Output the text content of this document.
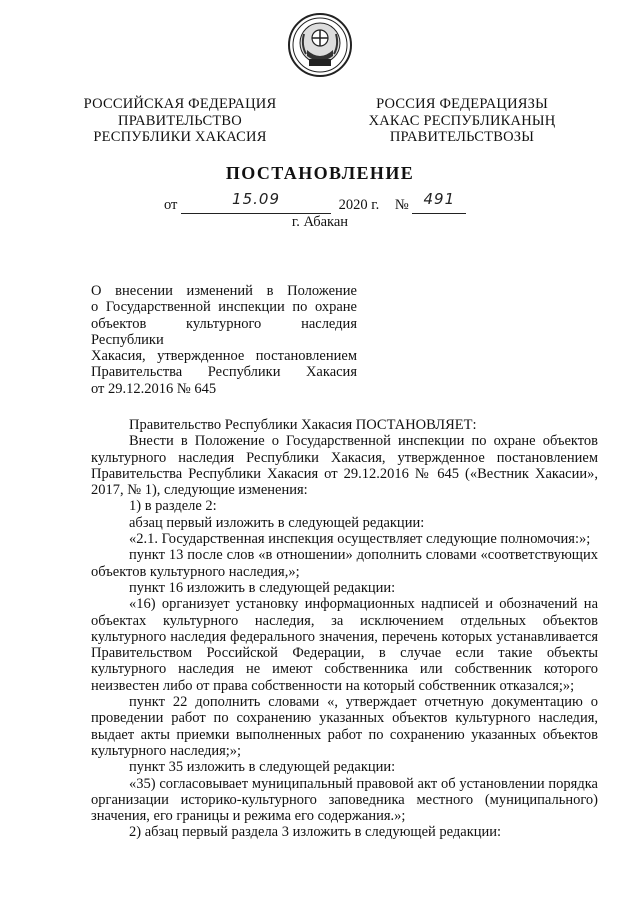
РОССИЙСКАЯ ФЕДЕРАЦИЯ
ПРАВИТЕЛЬСТВО
РЕСПУБЛИКИ ХАКАСИЯ
РОССИЯ ФЕДЕРАЦИЯЗЫ
ХАКАС РЕСПУБЛИКАНЫҢ
ПРАВИТЕЛЬСТВОЗЫ
ПОСТАНОВЛЕНИЕ
от	15.09	2020 г. № 491
г. Абакан
О внесении изменений в Положение
о Государственной инспекции по охране
объектов культурного наследия Республики
Хакасия, утвержденное постановлением
Правительства Республики Хакасия
от 29.12.2016 № 645

Правительство Республики Хакасия ПОСТАНОВЛЯЕТ:

Внести в Положение о Государственной инспекции по охране объектов культурного наследия Республики Хакасия, утвержденное постановлением Правительства Республики Хакасия от 29.12.2016 № 645 («Вестник Хакасии», 2017, № 1), следующие изменения:

1) в разделе 2:

абзац первый изложить в следующей редакции:

«2.1. Государственная инспекция осуществляет следующие полномочия:»;

пункт 13 после слов «в отношении» дополнить словами «соответствующих объектов культурного наследия,»;

пункт 16 изложить в следующей редакции:

«16) организует установку информационных надписей и обозначений на объектах культурного наследия, за исключением отдельных объектов культурного наследия федерального значения, перечень которых устанавливается Правительством Российской Федерации, в случае если такие объекты культурного наследия не имеют собственника или собственник которого неизвестен либо от права собственности на который собственник отказался;»;

пункт 22 дополнить словами «, утверждает отчетную документацию о проведении работ по сохранению указанных объектов культурного наследия, выдает акты приемки выполненных работ по сохранению указанных объектов культурного наследия;»;

пункт 35 изложить в следующей редакции:

«35) согласовывает муниципальный правовой акт об установлении порядка организации историко-культурного заповедника местного (муниципального) значения, его границы и режима его содержания.»;

2) абзац первый раздела 3 изложить в следующей редакции:
